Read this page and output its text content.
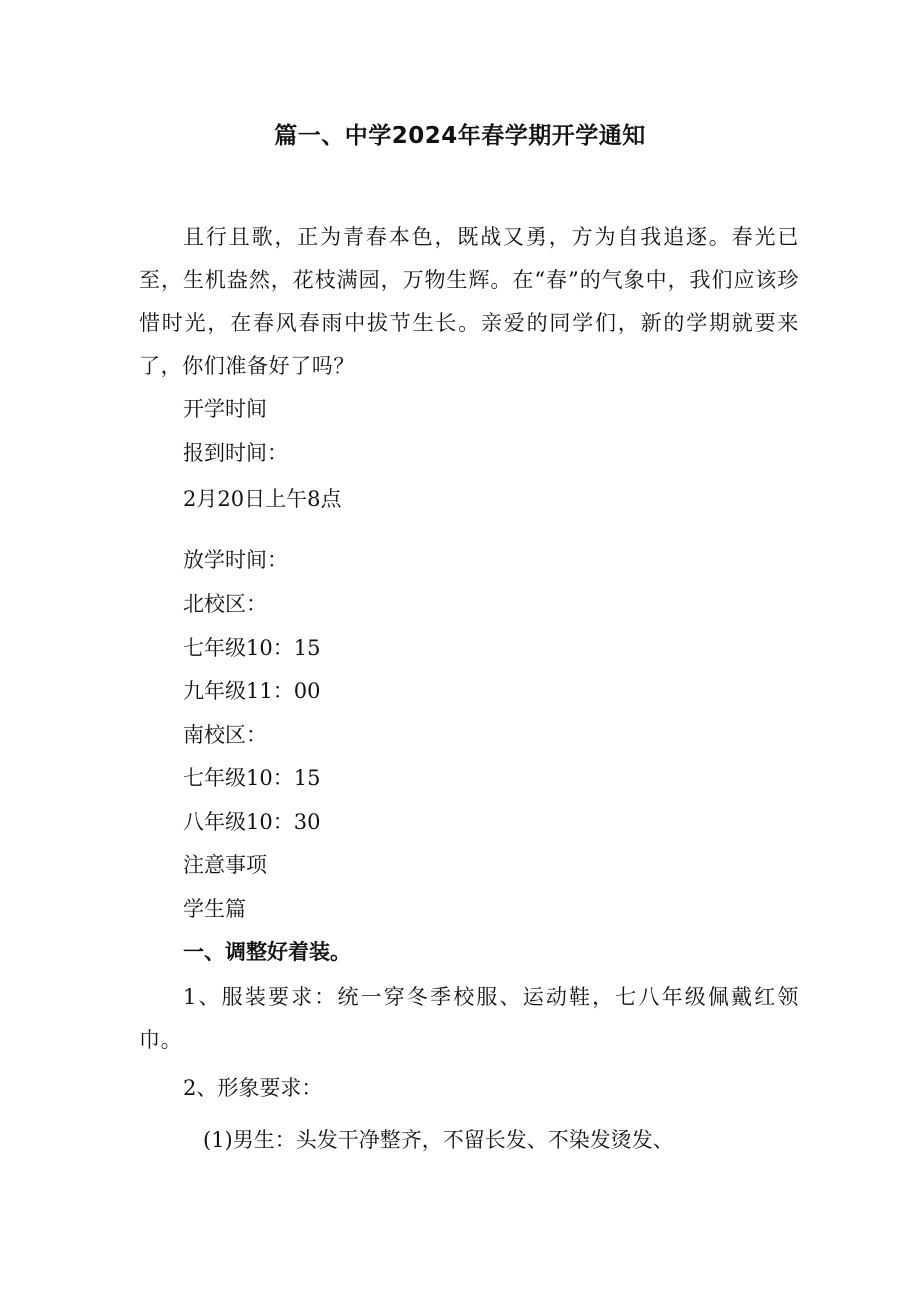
篇一、中学2024年春学期开学通知

且行且歌，正为青春本色，既战又勇，方为自我追逐。春光已至，生机盎然，花枝满园，万物生辉。在“春”的气象中，我们应该珍惜时光，在春风春雨中拔节生长。亲爱的同学们，新的学期就要来了，你们准备好了吗？

开学时间

报到时间：

2月20日上午8点

放学时间：

北校区：

七年级10：15

九年级11：00

南校区：

七年级10：15

八年级10：30

注意事项

学生篇

一、调整好着装。

1、服装要求：统一穿冬季校服、运动鞋，七八年级佩戴红领巾。

2、形象要求：

(1)男生：头发干净整齐，不留长发、不染发烫发、
